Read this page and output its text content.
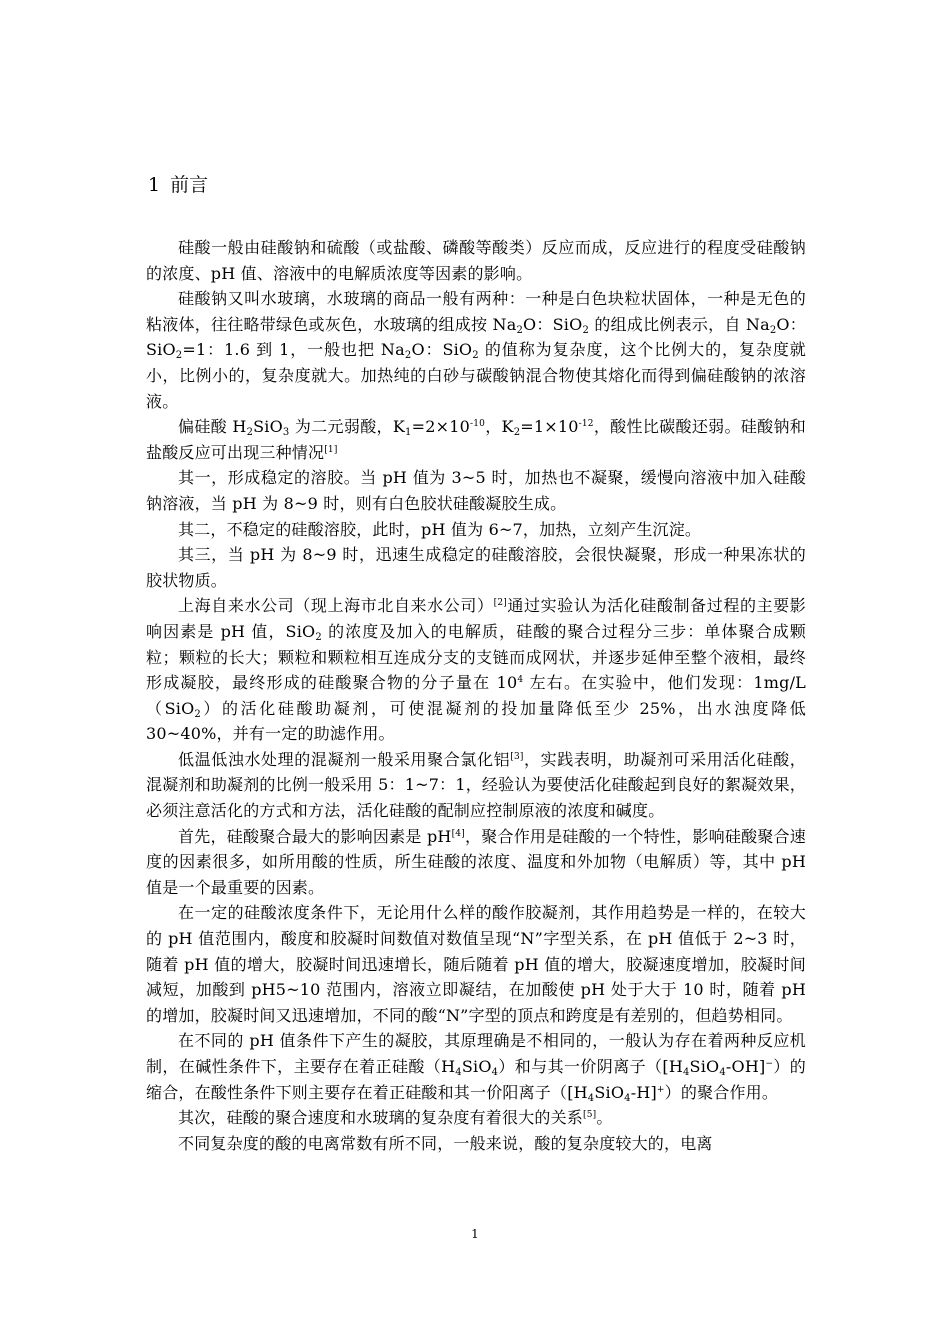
1 前言

硅酸一般由硅酸钠和硫酸（或盐酸、磷酸等酸类）反应而成，反应进行的程度受硅酸钠的浓度、pH 值、溶液中的电解质浓度等因素的影响。

硅酸钠又叫水玻璃，水玻璃的商品一般有两种：一种是白色块粒状固体，一种是无色的粘液体，往往略带绿色或灰色，水玻璃的组成按 $Na_2O$：SiO$_2$ 的组成比例表示，自 $Na_2O$：SiO$_2$=1：1.6 到 1，一般也把 $Na_2O$：SiO$_2$ 的值称为复杂度，这个比例大的，复杂度就小，比例小的，复杂度就大。加热纯的白砂与碳酸钠混合物使其熔化而得到偏硅酸钠的浓溶液。

偏硅酸 $H_2SiO_3$ 为二元弱酸，$K_1=2\times 10^{-10}$，$K_2=1\times 10^{-12}$，酸性比碳酸还弱。硅酸钠和盐酸反应可出现三种情况[1]

其一，形成稳定的溶胶。当 pH 值为 3~5 时，加热也不凝聚，缓慢向溶液中加入硅酸钠溶液，当 pH 为 8~9 时，则有白色胶状硅酸凝胶生成。

其二，不稳定的硅酸溶胶，此时，pH 值为 6~7，加热，立刻产生沉淀。

其三，当 pH 为 8~9 时，迅速生成稳定的硅酸溶胶，会很快凝聚，形成一种果冻状的胶状物质。

上海自来水公司（现上海市北自来水公司）[2]通过实验认为活化硅酸制备过程的主要影响因素是 pH 值，SiO$_2$ 的浓度及加入的电解质，硅酸的聚合过程分三步：单体聚合成颗粒；颗粒的长大；颗粒和颗粒相互连成分支的支链而成网状，并逐步延伸至整个液相，最终形成凝胶，最终形成的硅酸聚合物的分子量在 $10^4$ 左右。在实验中，他们发现：1mg/L（SiO$_2$）的活化硅酸助凝剂，可使混凝剂的投加量降低至少 25%，出水浊度降低 30~40%，并有一定的助滤作用。

低温低浊水处理的混凝剂一般采用聚合氯化铝[3]，实践表明，助凝剂可采用活化硅酸，混凝剂和助凝剂的比例一般采用 5：1~7：1，经验认为要使活化硅酸起到良好的絮凝效果，必须注意活化的方式和方法，活化硅酸的配制应控制原液的浓度和碱度。

首先，硅酸聚合最大的影响因素是 pH[4]，聚合作用是硅酸的一个特性，影响硅酸聚合速度的因素很多，如所用酸的性质，所生硅酸的浓度、温度和外加物（电解质）等，其中 pH 值是一个最重要的因素。

在一定的硅酸浓度条件下，无论用什么样的酸作胶凝剂，其作用趋势是一样的，在较大的 pH 值范围内，酸度和胶凝时间数值对数值呈现“N”字型关系，在 pH 值低于 2~3 时，随着 pH 值的增大，胶凝时间迅速增长，随后随着 pH 值的增大，胶凝速度增加，胶凝时间减短，加酸到 pH5~10 范围内，溶液立即凝结，在加酸使 pH 处于大于 10 时，随着 pH 的增加，胶凝时间又迅速增加，不同的酸“N”字型的顶点和跨度是有差别的，但趋势相同。

在不同的 pH 值条件下产生的凝胶，其原理确是不相同的，一般认为存在着两种反应机制，在碱性条件下，主要存在着正硅酸$(H_4SiO_4)$和与其一价阴离子$([H_4SiO_4-OH]^-)$的缩合，在酸性条件下则主要存在着正硅酸和其一价阳离子$([H_4SiO_4-H]^+)$的聚合作用。

其次，硅酸的聚合速度和水玻璃的复杂度有着很大的关系[5]。

不同复杂度的酸的电离常数有所不同，一般来说，酸的复杂度较大的，电离

1
